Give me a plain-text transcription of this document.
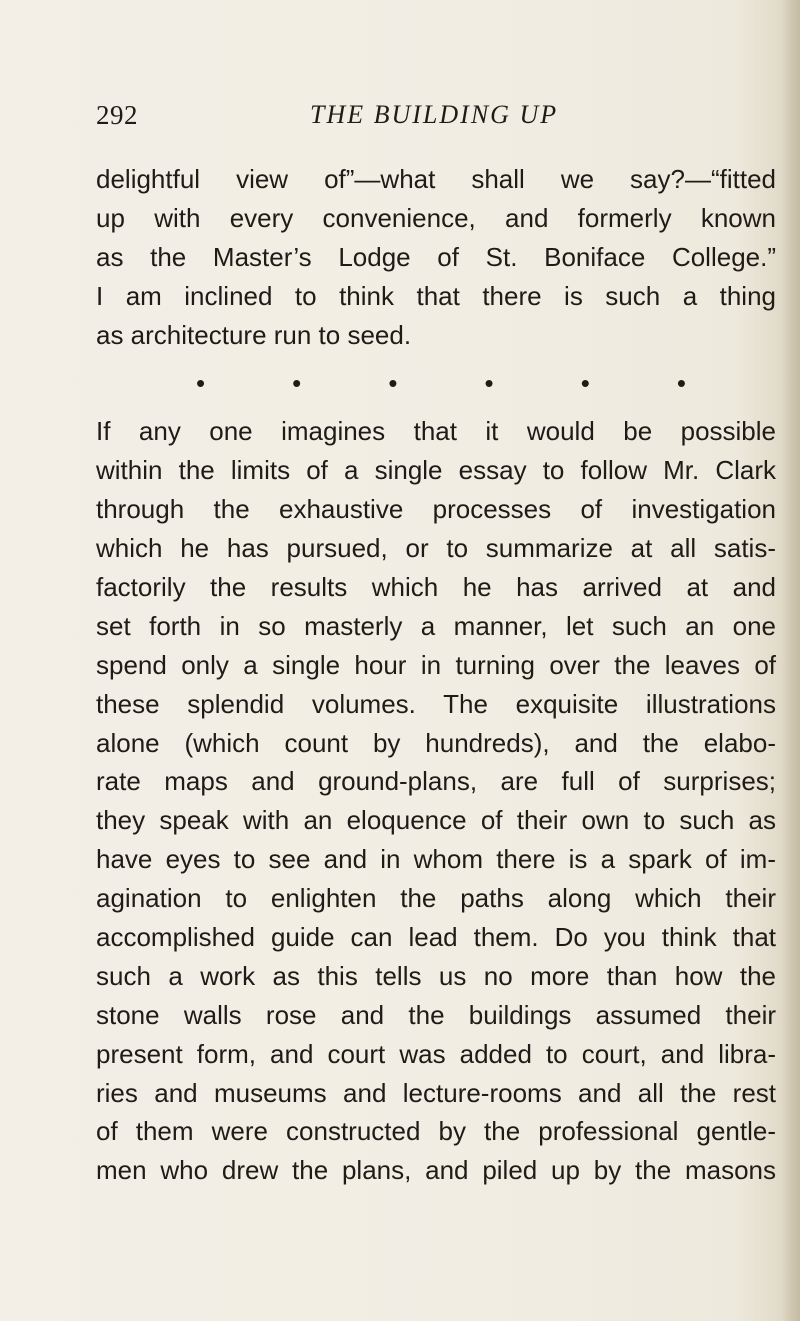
292	THE BUILDING UP
delightful view of”—what shall we say?—“fitted
up with every convenience, and formerly known
as the Master’s Lodge of St. Boniface College.”
I am inclined to think that there is such a thing
as architecture run to seed.
•	•	•	•	•	•
If any one imagines that it would be possible
within the limits of a single essay to follow Mr. Clark
through the exhaustive processes of investigation
which he has pursued, or to summarize at all satis-
factorily the results which he has arrived at and
set forth in so masterly a manner, let such an one
spend only a single hour in turning over the leaves of
these splendid volumes. The exquisite illustrations
alone (which count by hundreds), and the elabo-
rate maps and ground-plans, are full of surprises;
they speak with an eloquence of their own to such as
have eyes to see and in whom there is a spark of im-
agination to enlighten the paths along which their
accomplished guide can lead them. Do you think that
such a work as this tells us no more than how the
stone walls rose and the buildings assumed their
present form, and court was added to court, and libra-
ries and museums and lecture-rooms and all the rest
of them were constructed by the professional gentle-
men who drew the plans, and piled up by the masons
